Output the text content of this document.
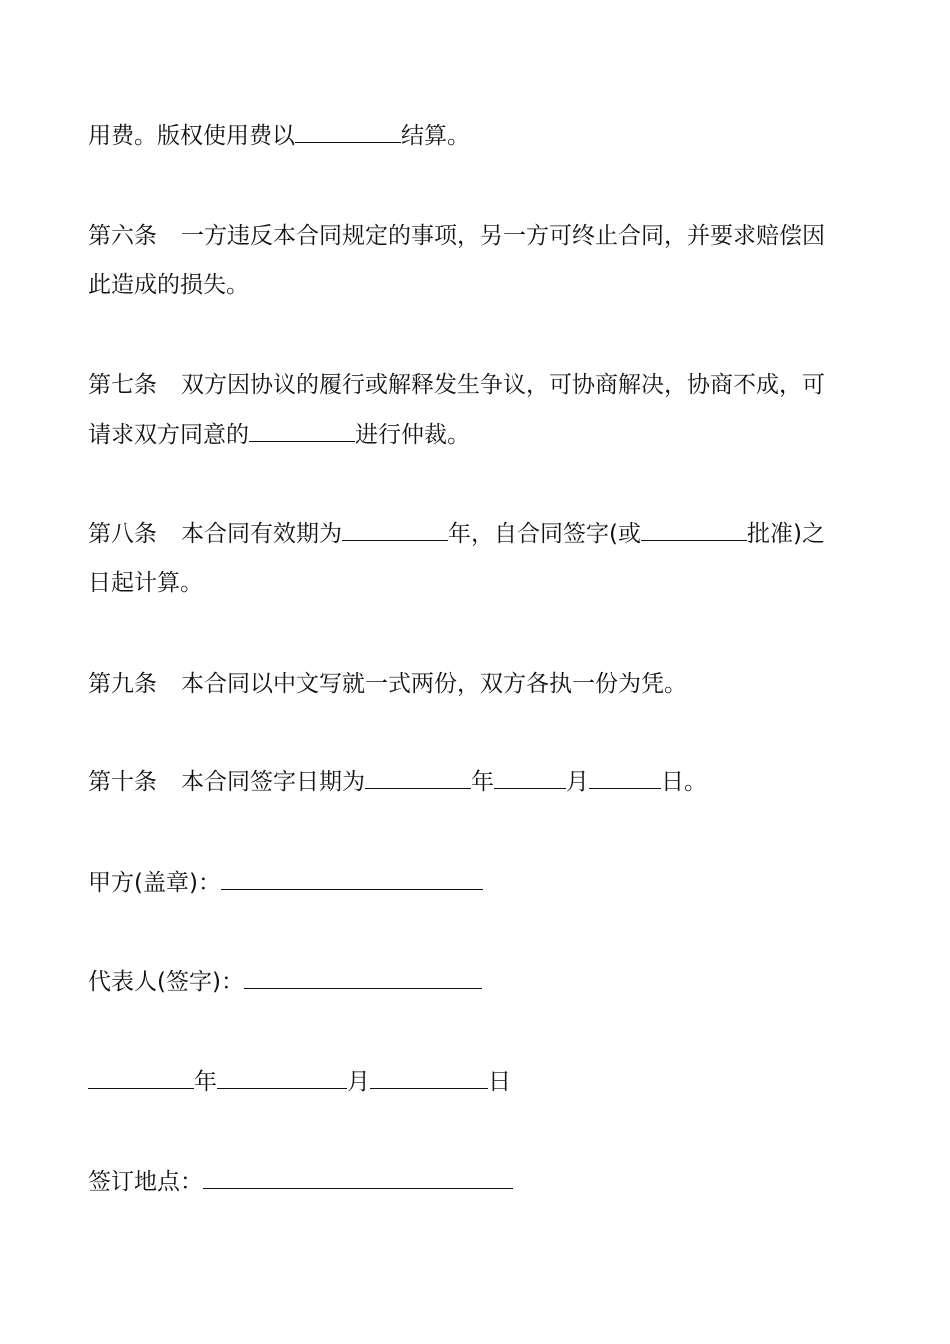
用费。版权使用费以	结算。

第六条 一方违反本合同规定的事项，另一方可终止合同，并要求赔偿因

此造成的损失。

第七条 双方因协议的履行或解释发生争议，可协商解决，协商不成，可

请求双方同意的	进行仲裁。

第八条 本合同有效期为	年，自合同签字(或	批准)之

日起计算。

第九条 本合同以中文写就一式两份，双方各执一份为凭。

第十条 本合同签字日期为	年	月	日。

甲方(盖章)：

代表人(签字)：

年	月	日

签订地点：
